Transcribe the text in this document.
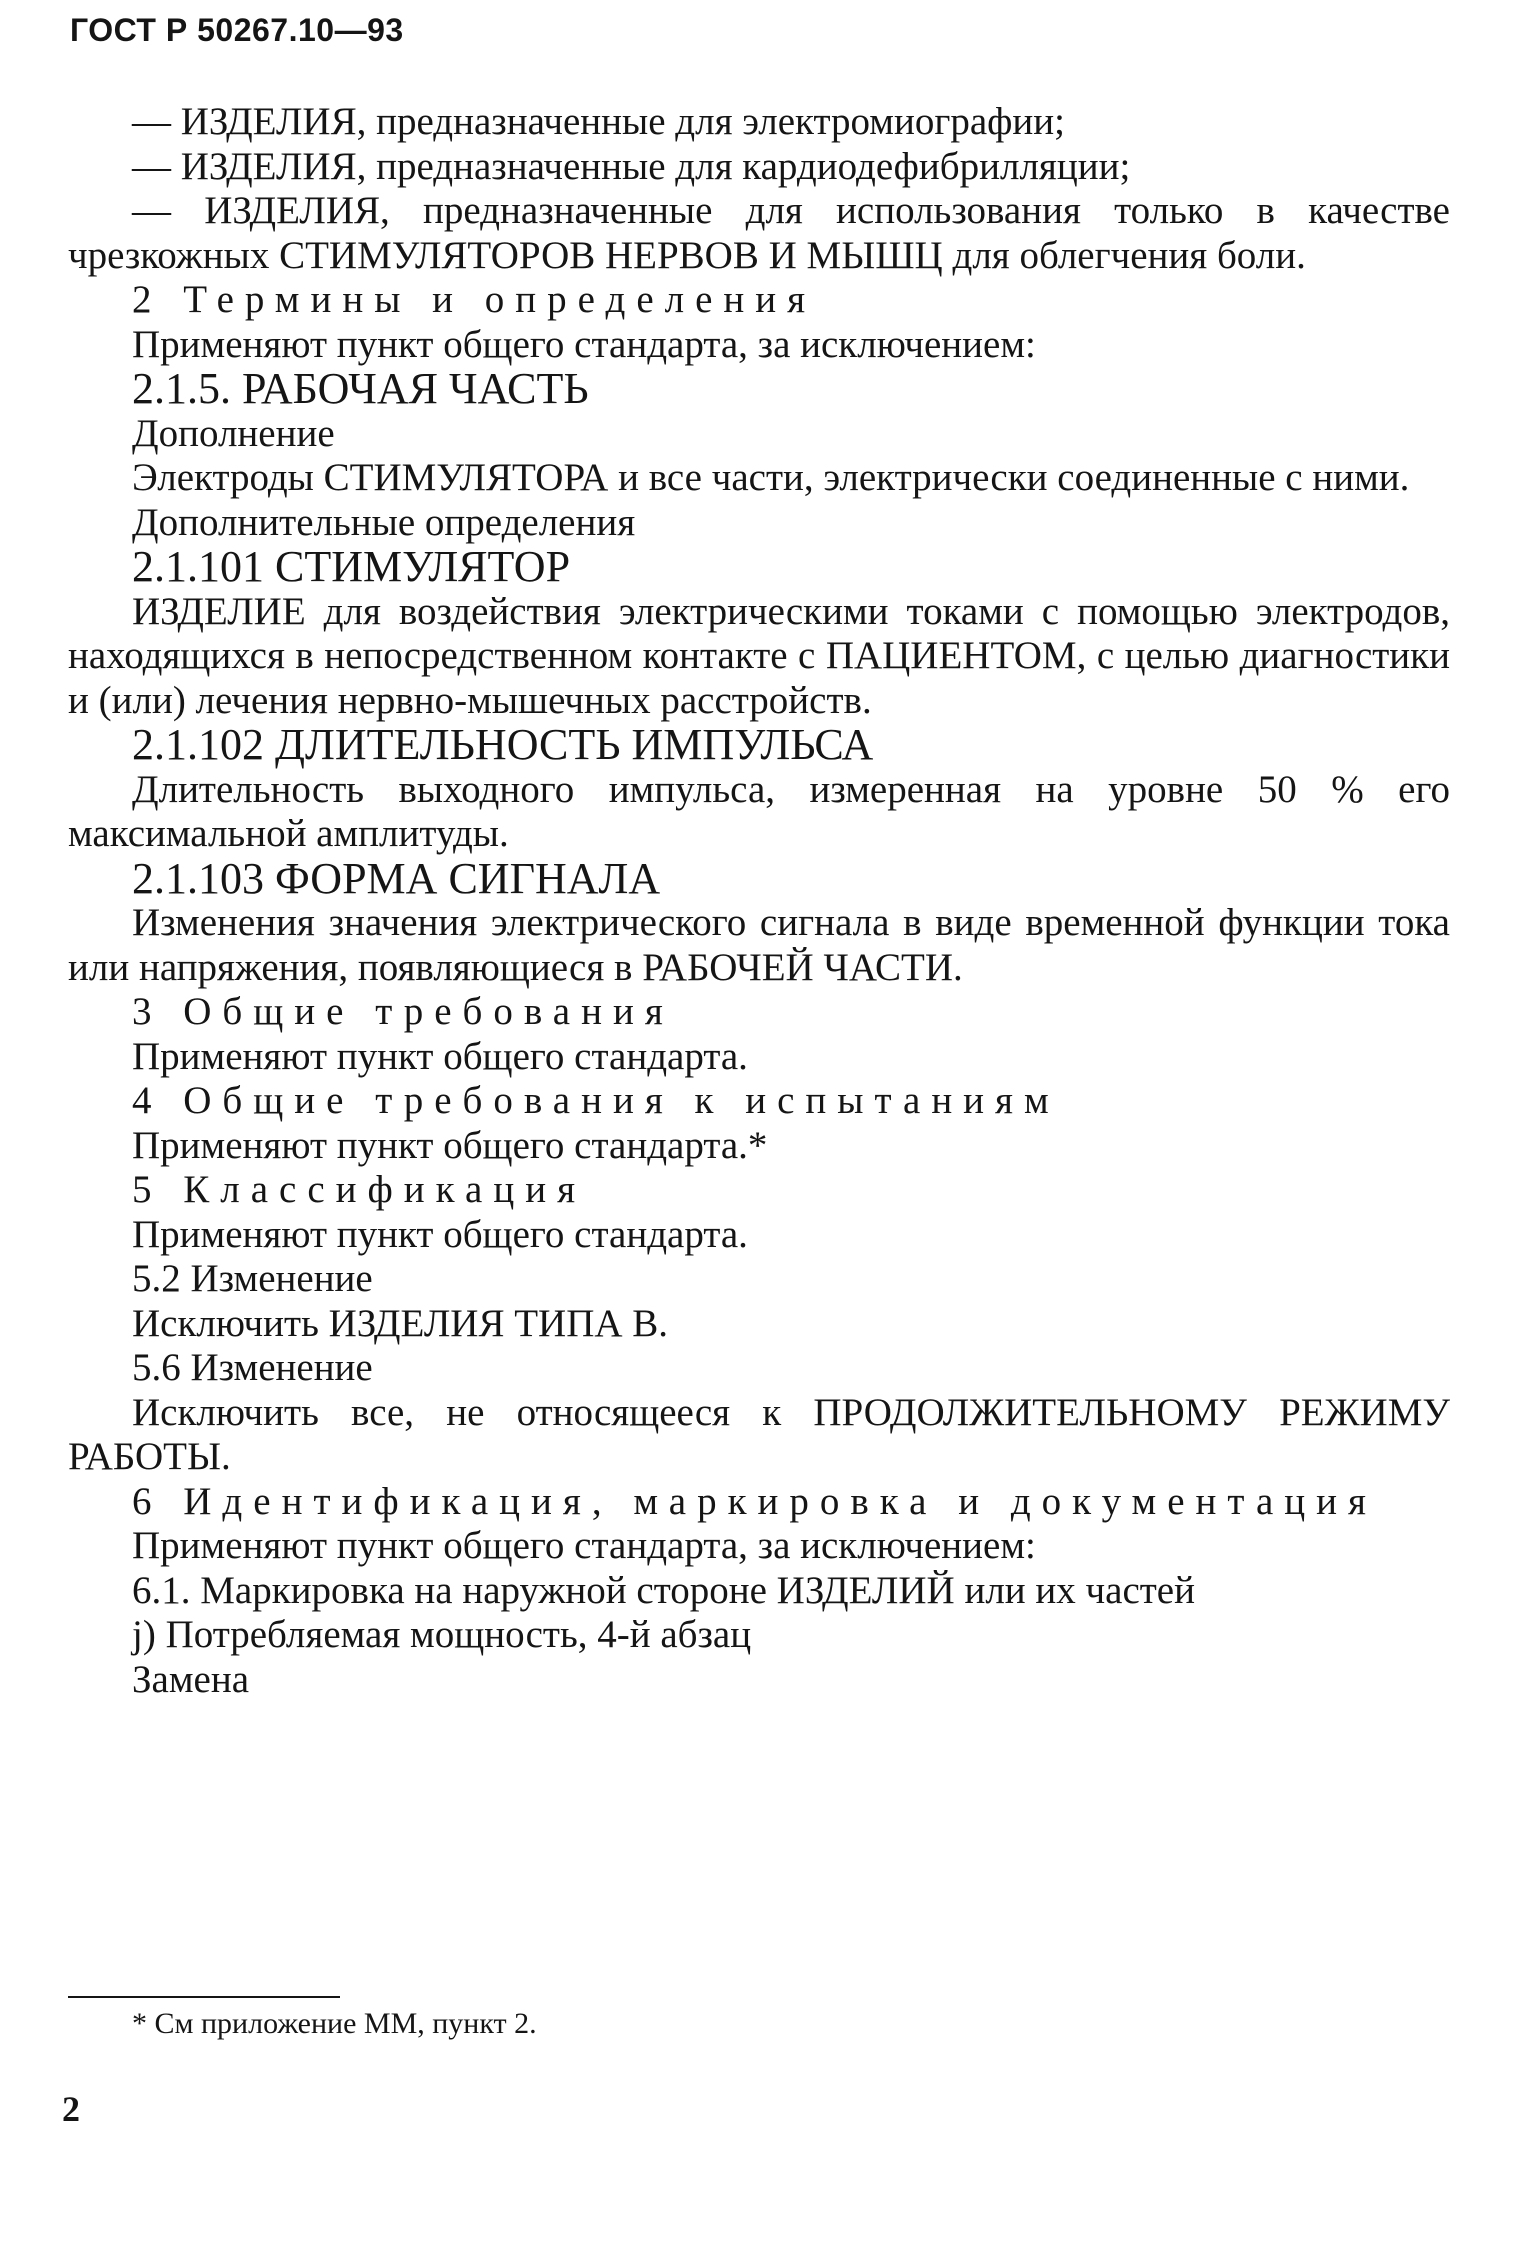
ГОСТ Р 50267.10—93

— ИЗДЕЛИЯ, предназначенные для электромиографии;

— ИЗДЕЛИЯ, предназначенные для кардиодефибрилляции;

— ИЗДЕЛИЯ, предназначенные для использования только в качестве чрезкожных СТИМУЛЯТОРОВ НЕРВОВ И МЫШЦ для облегчения боли.

2 Термины и определения

Применяют пункт общего стандарта, за исключением:

2.1.5. РАБОЧАЯ ЧАСТЬ

Дополнение

Электроды СТИМУЛЯТОРА и все части, электрически соединенные с ними.

Дополнительные определения

2.1.101 СТИМУЛЯТОР

ИЗДЕЛИЕ для воздействия электрическими токами с помощью электродов, находящихся в непосредственном контакте с ПАЦИЕНТОМ, с целью диагностики и (или) лечения нервно-мышечных расстройств.

2.1.102 ДЛИТЕЛЬНОСТЬ ИМПУЛЬСА

Длительность выходного импульса, измеренная на уровне 50 % его максимальной амплитуды.

2.1.103 ФОРМА СИГНАЛА

Изменения значения электрического сигнала в виде временной функции тока или напряжения, появляющиеся в РАБОЧЕЙ ЧАСТИ.

3 Общие требования

Применяют пункт общего стандарта.

4 Общие требования к испытаниям

Применяют пункт общего стандарта.*

5 Классификация

Применяют пункт общего стандарта.

5.2 Изменение

Исключить ИЗДЕЛИЯ ТИПА В.

5.6 Изменение

Исключить все, не относящееся к ПРОДОЛЖИТЕЛЬНОМУ РЕЖИМУ РАБОТЫ.

6 Идентификация, маркировка и документация

Применяют пункт общего стандарта, за исключением:

6.1. Маркировка на наружной стороне ИЗДЕЛИЙ или их частей

j) Потребляемая мощность, 4-й абзац

Замена

* См приложение ММ, пункт 2.
2
